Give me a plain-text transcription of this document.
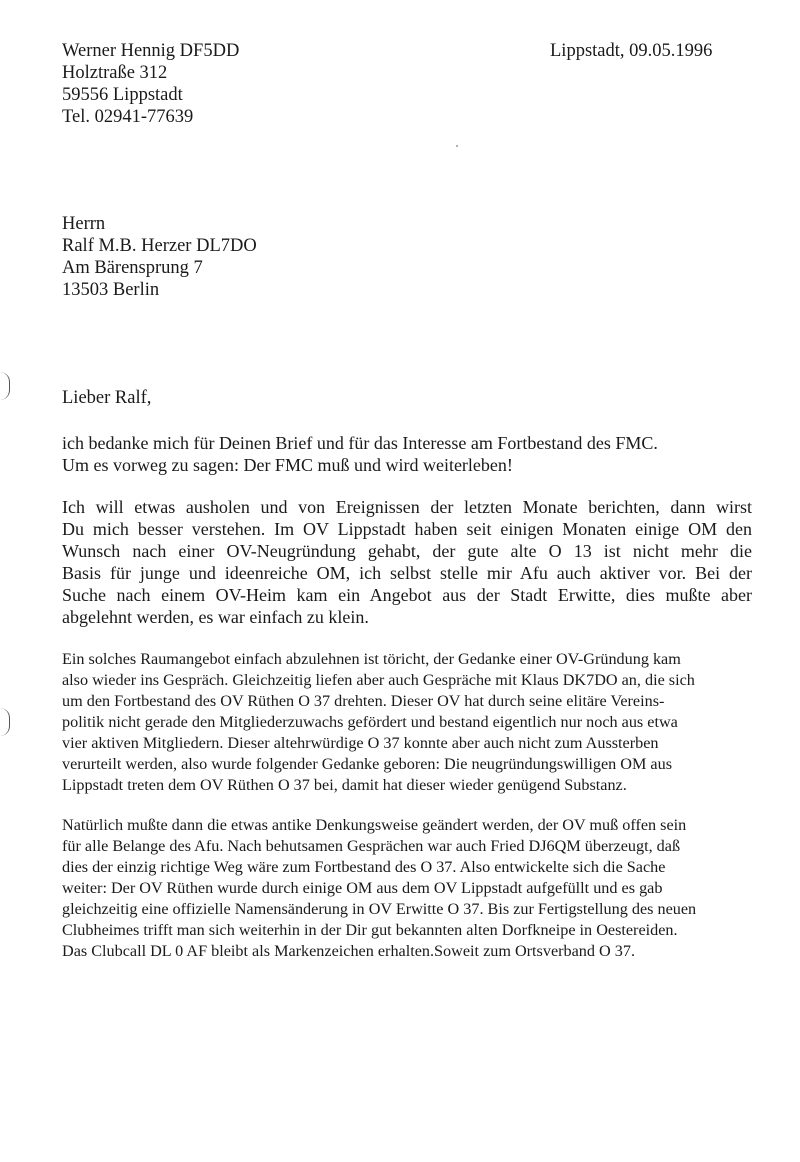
Werner Hennig DF5DD
Holztraße 312
59556 Lippstadt
Tel. 02941-77639
Lippstadt, 09.05.1996
Herrn
Ralf M.B. Herzer DL7DO
Am Bärensprung 7
13503 Berlin
Lieber Ralf,
ich bedanke mich für Deinen Brief und für das Interesse am Fortbestand des FMC.
Um es vorweg zu sagen: Der FMC muß und wird weiterleben!
Ich will etwas ausholen und von Ereignissen der letzten Monate berichten, dann wirst
Du mich besser verstehen. Im OV Lippstadt haben seit einigen Monaten einige OM den
Wunsch nach einer OV-Neugründung gehabt, der gute alte O 13 ist nicht mehr die
Basis für junge und ideenreiche OM, ich selbst stelle mir Afu auch aktiver vor. Bei der
Suche nach einem OV-Heim kam ein Angebot aus der Stadt Erwitte, dies mußte aber
abgelehnt werden, es war einfach zu klein.
Ein solches Raumangebot einfach abzulehnen ist töricht, der Gedanke einer OV-Gründung kam
also wieder ins Gespräch. Gleichzeitig liefen aber auch Gespräche mit Klaus DK7DO an, die sich
um den Fortbestand des OV Rüthen O 37 drehten. Dieser OV hat durch seine elitäre Vereins-
politik nicht gerade den Mitgliederzuwachs gefördert und bestand eigentlich nur noch aus etwa
vier aktiven Mitgliedern. Dieser altehrwürdige O 37 konnte aber auch nicht zum Aussterben
verurteilt werden, also wurde folgender Gedanke geboren: Die neugründungswilligen OM aus
Lippstadt treten dem OV Rüthen O 37 bei, damit hat dieser wieder genügend Substanz.
Natürlich mußte dann die etwas antike Denkungsweise geändert werden, der OV muß offen sein
für alle Belange des Afu. Nach behutsamen Gesprächen war auch Fried DJ6QM überzeugt, daß
dies der einzig richtige Weg wäre zum Fortbestand des O 37. Also entwickelte sich die Sache
weiter: Der OV Rüthen wurde durch einige OM aus dem OV Lippstadt aufgefüllt und es gab
gleichzeitig eine offizielle Namensänderung in OV Erwitte O 37. Bis zur Fertigstellung des neuen
Clubheimes trifft man sich weiterhin in der Dir gut bekannten alten Dorfkneipe in Oestereiden.
Das Clubcall DL 0 AF bleibt als Markenzeichen erhalten.Soweit zum Ortsverband O 37.
